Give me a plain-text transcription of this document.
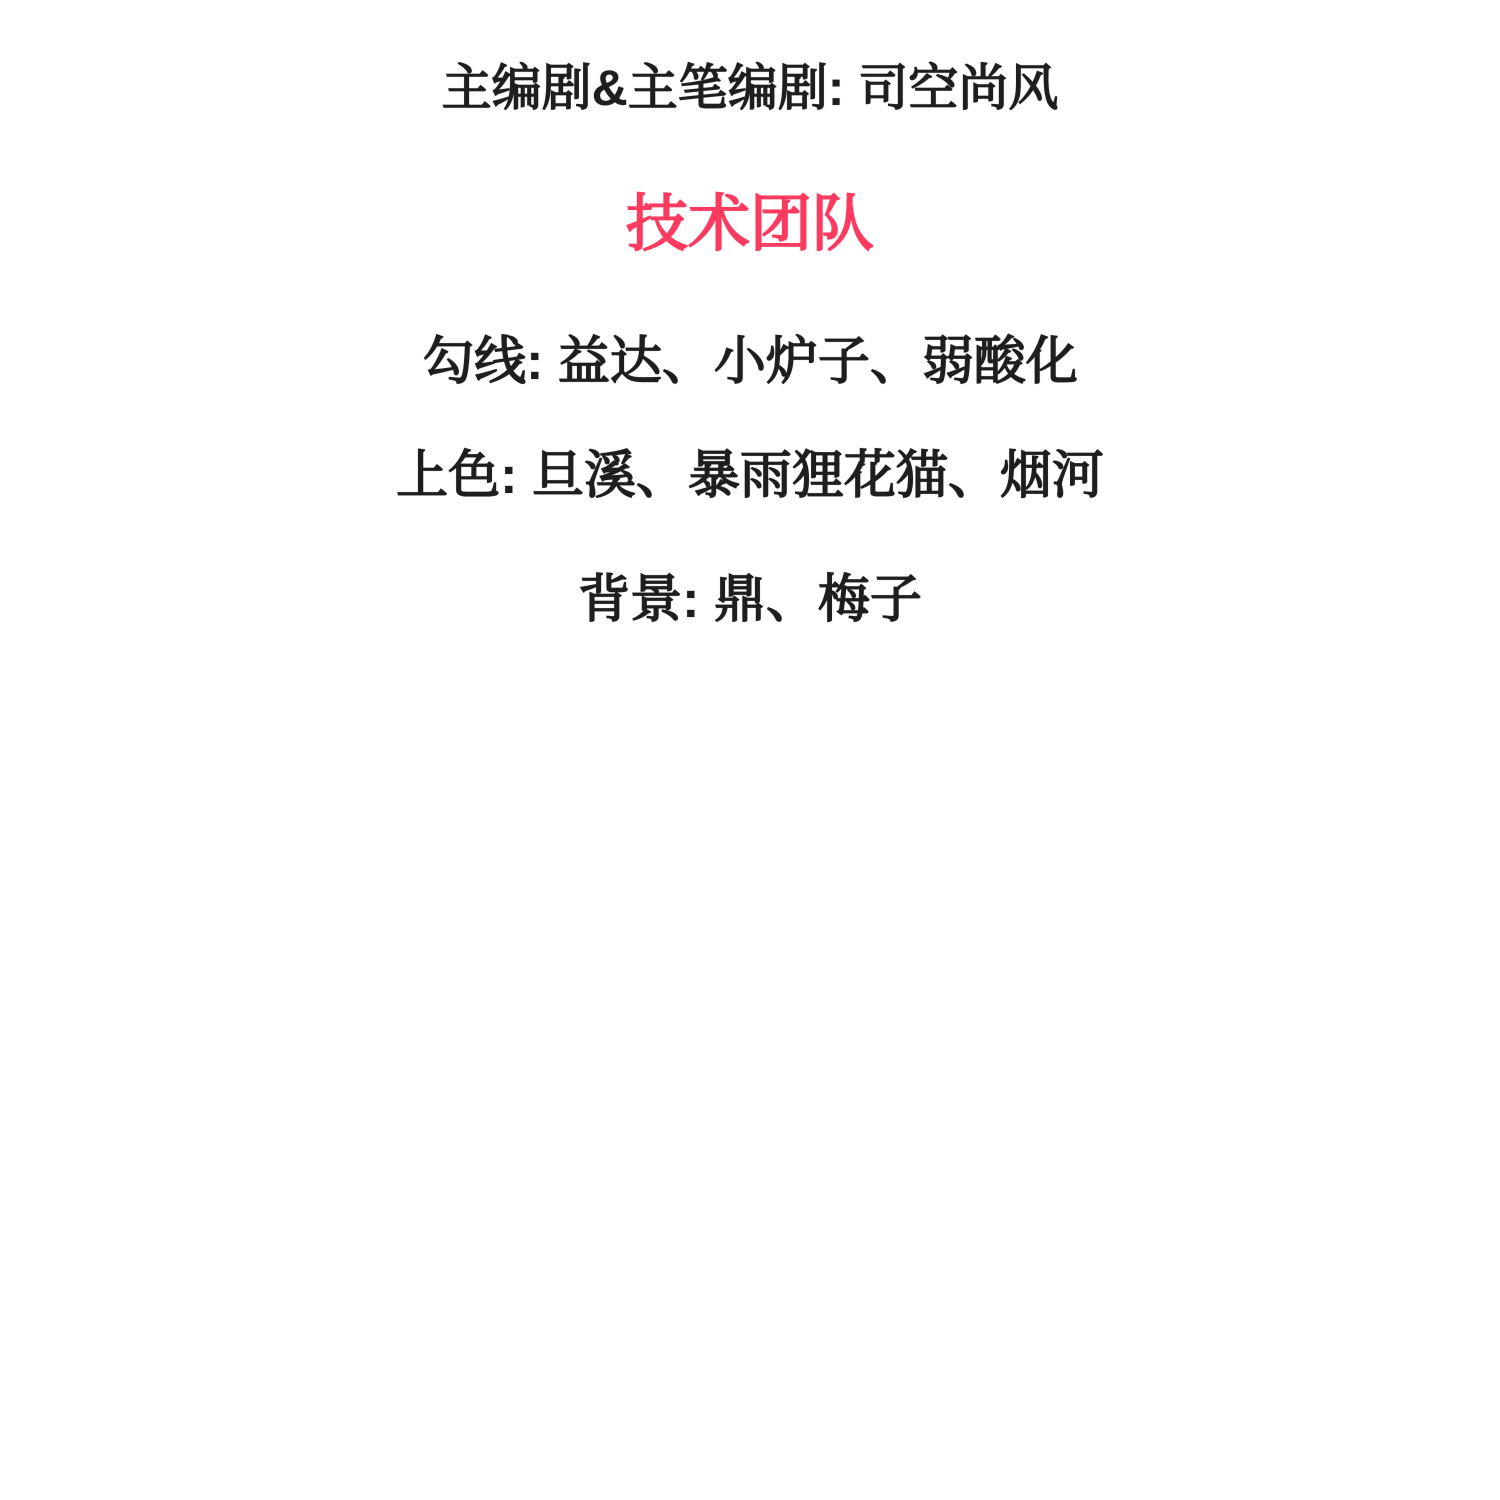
主编剧&主笔编剧: 司空尚风
技术团队
勾线: 益达、小炉子、弱酸化
上色: 旦溪、暴雨狸花猫、烟河
背景: 鼎、梅子
